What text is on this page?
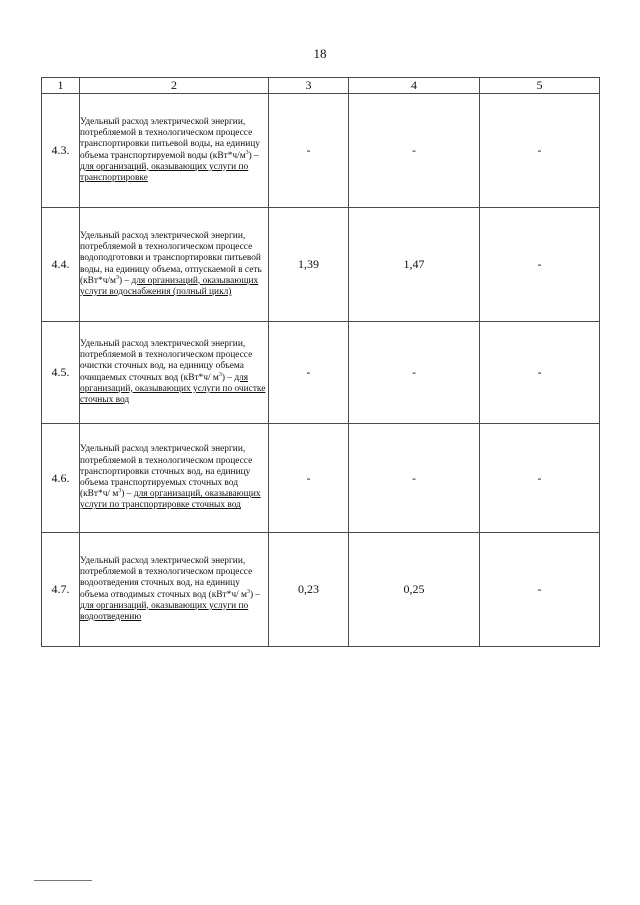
18
1	2	3	4	5
4.3.	Удельный расход электрической энергии, потребляемой в технологическом процессе транспортировки питьевой воды, на единицу объема транспортируемой воды $(кВт*ч/м^3)$ – для организаций, оказывающих услуги по транспортировке	-	-	-
4.4.	Удельный расход электрической энергии, потребляемой в технологическом процессе водоподготовки и транспортировки питьевой воды, на единицу объема, отпускаемой в сеть $(кВт*ч/м^3)$ – для организаций, оказывающих услуги водоснабжения (полный цикл)	1,39	1,47	-
4.5.	Удельный расход электрической энергии, потребляемой в технологическом процессе очистки сточных вод, на единицу объема очищаемых сточных вод (кВт*ч/ $м^3$) – для организаций, оказывающих услуги по очистке сточных вод	-	-	-
4.6.	Удельный расход электрической энергии, потребляемой в технологическом процессе транспортировки сточных вод, на единицу объема транспортируемых сточных вод (кВт*ч/ $м^3$) – для организаций, оказывающих услуги по транспортировке сточных вод	-	-	-
4.7.	Удельный расход электрической энергии, потребляемой в технологическом процессе водоотведения сточных вод, на единицу объема отводимых сточных вод (кВт*ч/ $м^3$) – для организаций, оказывающих услуги по водоотведению	0,23	0,25	-
